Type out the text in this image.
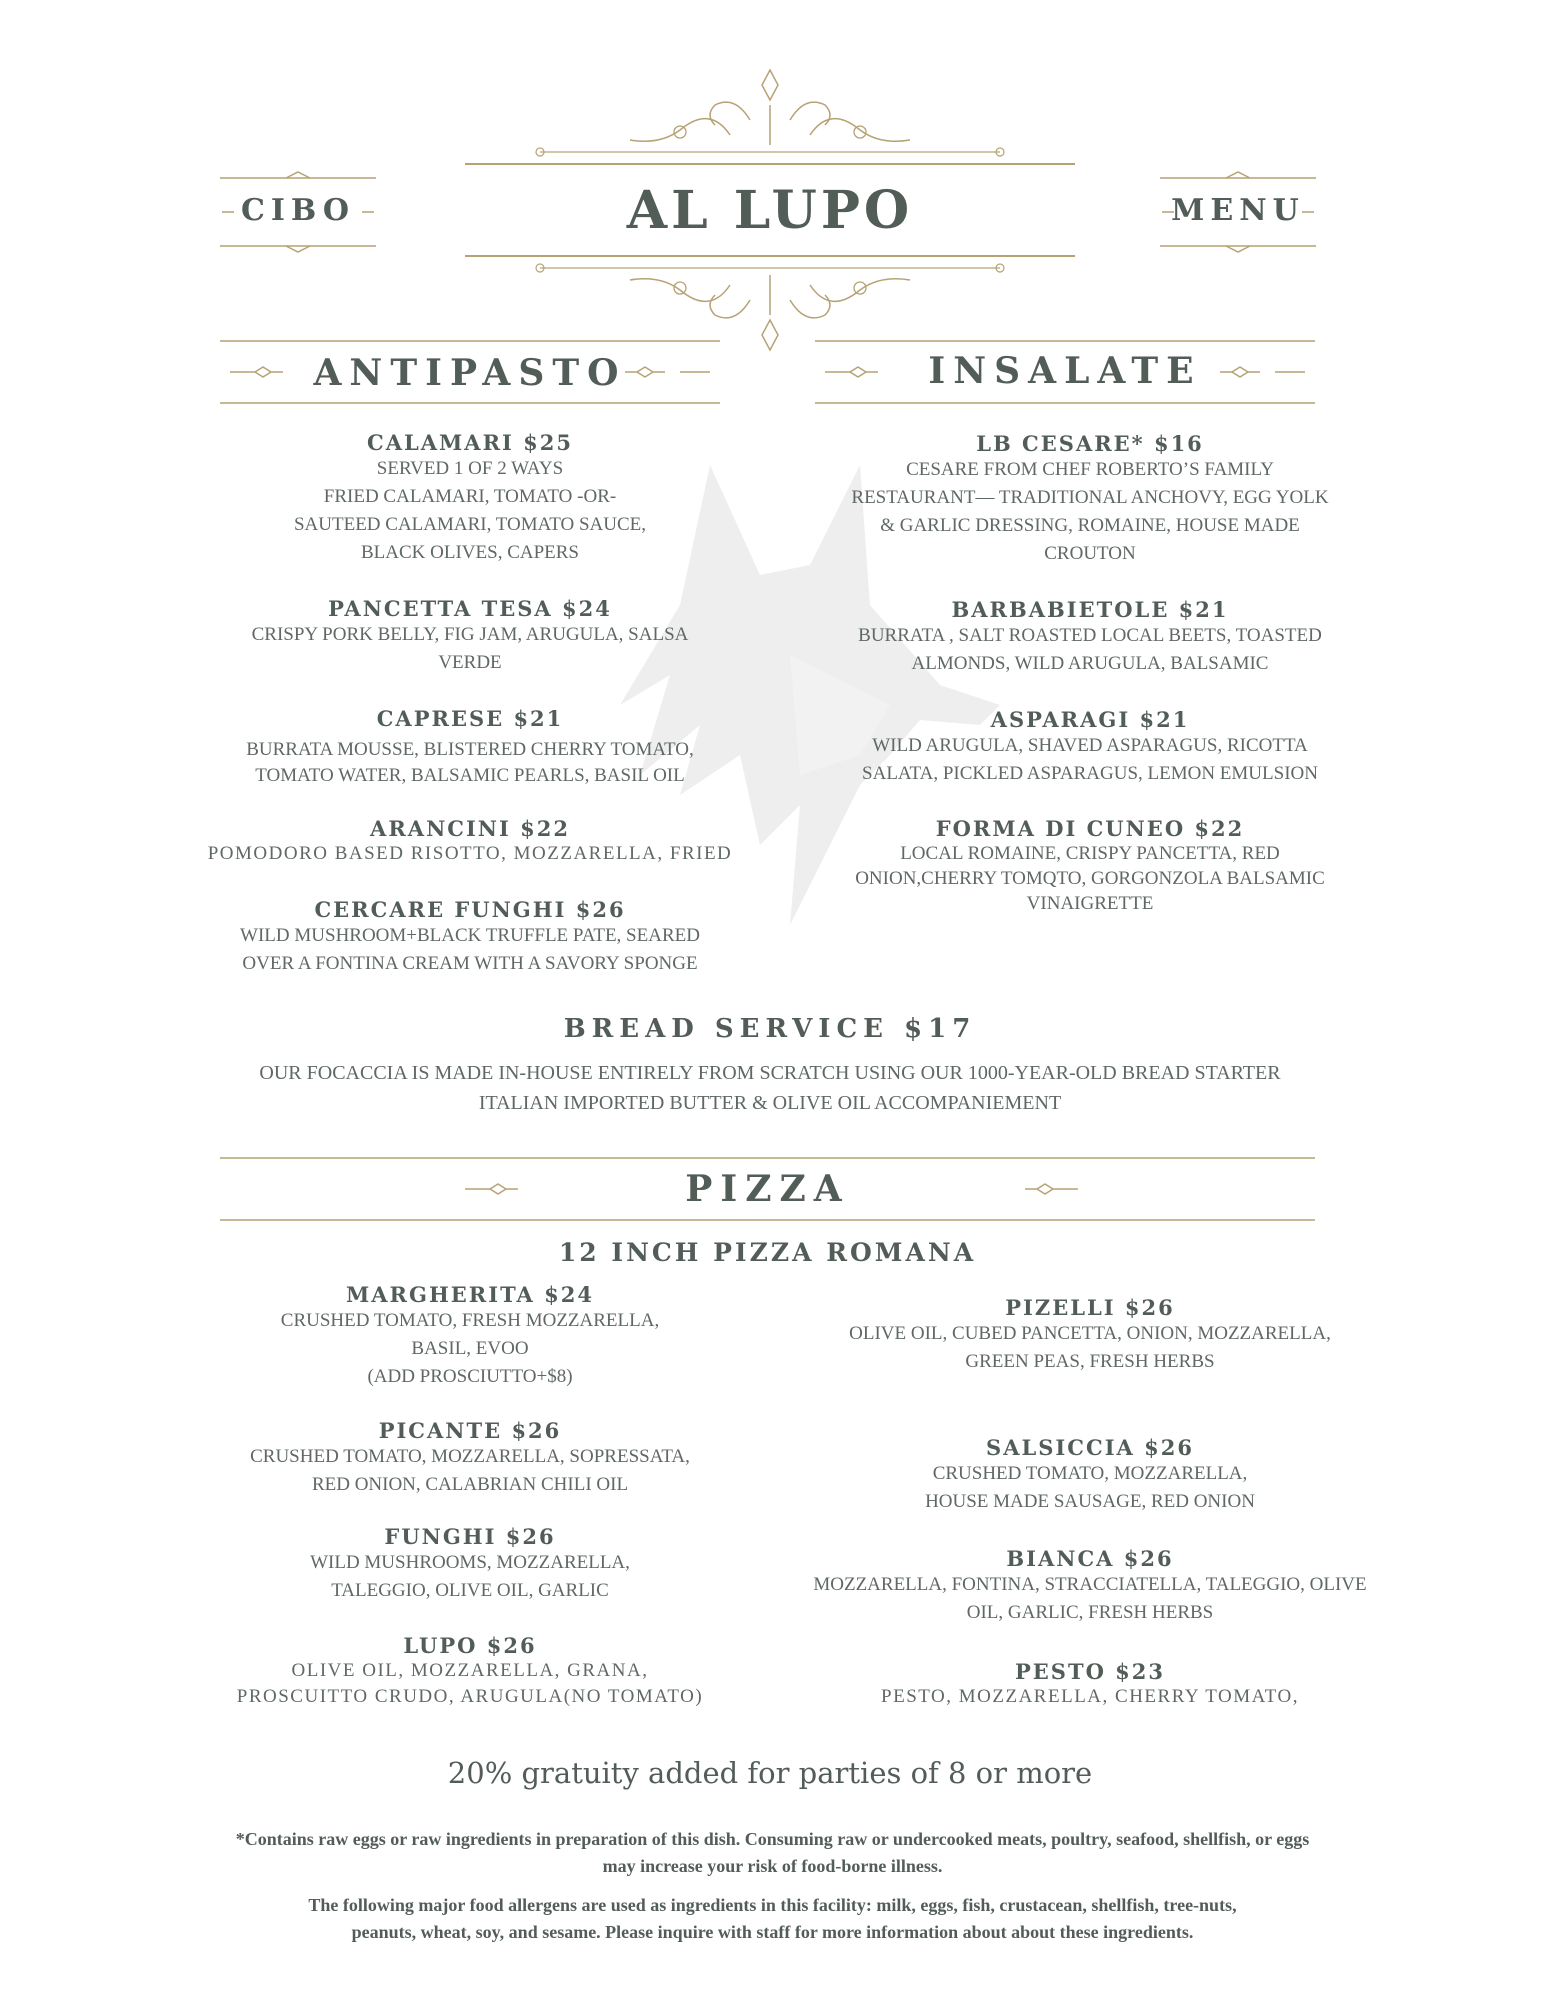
CIBO	MENU
AL LUPO
ANTIPASTO	INSALATE
CALAMARI $25
SERVED 1 OF 2 WAYS
FRIED CALAMARI, TOMATO -OR-
SAUTEED CALAMARI, TOMATO SAUCE,
BLACK OLIVES, CAPERS
PANCETTA TESA $24
CRISPY PORK BELLY, FIG JAM, ARUGULA, SALSA
VERDE
CAPRESE $21
BURRATA MOUSSE, BLISTERED CHERRY TOMATO,
TOMATO WATER, BALSAMIC PEARLS, BASIL OIL
ARANCINI $22
POMODORO BASED RISOTTO, MOZZARELLA, FRIED
CERCARE FUNGHI $26
WILD MUSHROOM+BLACK TRUFFLE PATE, SEARED
OVER A FONTINA CREAM WITH A SAVORY SPONGE
LB CESARE* $16
CESARE FROM CHEF ROBERTO’S FAMILY
RESTAURANT— TRADITIONAL ANCHOVY, EGG YOLK
& GARLIC DRESSING, ROMAINE, HOUSE MADE
CROUTON
BARBABIETOLE $21
BURRATA , SALT ROASTED LOCAL BEETS, TOASTED
ALMONDS, WILD ARUGULA, BALSAMIC
ASPARAGI $21
WILD ARUGULA, SHAVED ASPARAGUS, RICOTTA
SALATA, PICKLED ASPARAGUS, LEMON EMULSION
FORMA DI CUNEO $22
LOCAL ROMAINE, CRISPY PANCETTA, RED
ONION,CHERRY TOMQTO, GORGONZOLA BALSAMIC
VINAIGRETTE
BREAD SERVICE $17
OUR FOCACCIA IS MADE IN-HOUSE ENTIRELY FROM SCRATCH USING OUR 1000-YEAR-OLD BREAD STARTER
ITALIAN IMPORTED BUTTER & OLIVE OIL ACCOMPANIEMENT
PIZZA
12 INCH PIZZA ROMANA
MARGHERITA $24
CRUSHED TOMATO, FRESH MOZZARELLA,
BASIL, EVOO
(ADD PROSCIUTTO+$8)
PICANTE $26
CRUSHED TOMATO, MOZZARELLA, SOPRESSATA,
RED ONION, CALABRIAN CHILI OIL
FUNGHI $26
WILD MUSHROOMS, MOZZARELLA,
TALEGGIO, OLIVE OIL, GARLIC
LUPO $26
OLIVE OIL, MOZZARELLA, GRANA,
PROSCUITTO CRUDO, ARUGULA(NO TOMATO)
PIZELLI $26
OLIVE OIL, CUBED PANCETTA, ONION, MOZZARELLA,
GREEN PEAS, FRESH HERBS
SALSICCIA $26
CRUSHED TOMATO, MOZZARELLA,
HOUSE MADE SAUSAGE, RED ONION
BIANCA $26
MOZZARELLA, FONTINA, STRACCIATELLA, TALEGGIO, OLIVE
OIL, GARLIC, FRESH HERBS
PESTO $23
PESTO, MOZZARELLA, CHERRY TOMATO,
20% gratuity added for parties of 8 or more
*Contains raw eggs or raw ingredients in preparation of this dish. Consuming raw or undercooked meats, poultry, seafood, shellfish, or eggs
may increase your risk of food-borne illness.
The following major food allergens are used as ingredients in this facility: milk, eggs, fish, crustacean, shellfish, tree-nuts,
peanuts, wheat, soy, and sesame. Please inquire with staff for more information about about these ingredients.
